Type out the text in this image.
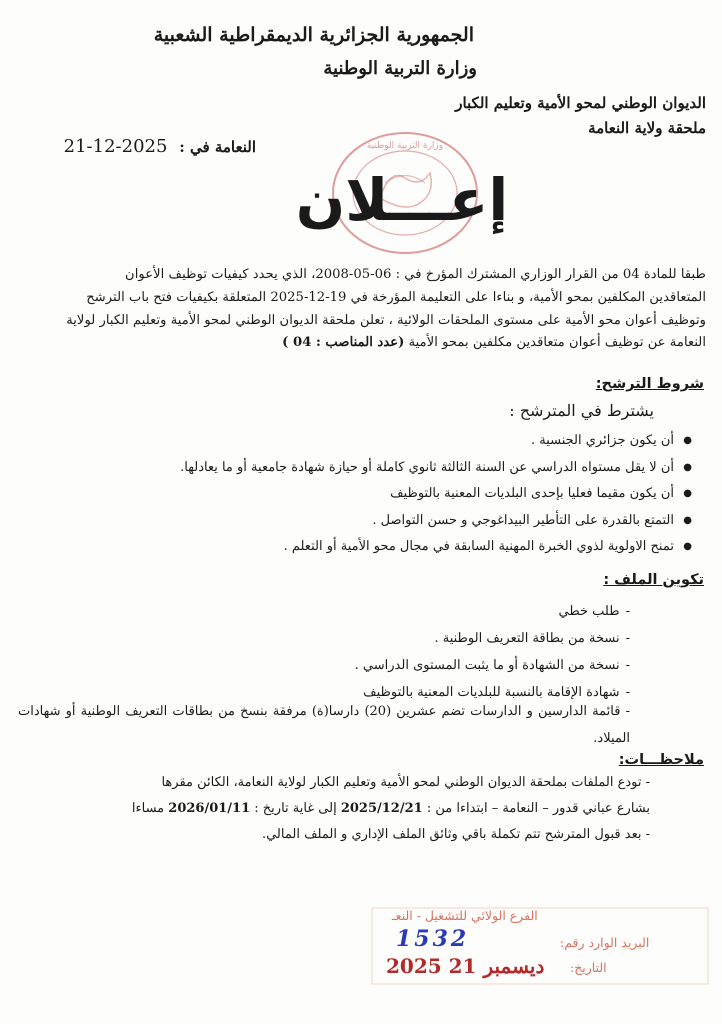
الجمهورية الجزائرية الديمقراطية الشعبية
وزارة التربية الوطنية
الديوان الوطني لمحو الأمية وتعليم الكبار
ملحقة ولاية النعامة
النعامة في : 2025-12-21	وزارة التربية الوطنية
إعـــلان
طبقا للمادة 04 من القرار الوزاري المشترك المؤرخ في : 06-05-2008، الذي يحدد كيفيات توظيف الأعوان
المتعاقدين المكلفين بمحو الأمية، و بناءا على التعليمة المؤرخة في 19-12-2025 المتعلقة بكيفيات فتح باب الترشح
وتوظيف أعوان محو الأمية على مستوى الملحقات الولائية ، تعلن ملحقة الديوان الوطني لمحو الأمية وتعليم الكبار لولاية
النعامة عن توظيف أعوان متعاقدين مكلفين بمحو الأمية (عدد المناصب : 04 )
شروط الترشح:
يشترط في المترشح :
● أن يكون جزائري الجنسية .
● أن لا يقل مستواه الدراسي عن السنة الثالثة ثانوي كاملة أو حيازة شهادة جامعية أو ما يعادلها.
● أن يكون مقيما فعليا بإحدى البلديات المعنية بالتوظيف
● التمتع بالقدرة على التأطير البيداغوجي و حسن التواصل .
● تمنح الاولوية لذوي الخبرة المهنية السابقة في مجال محو الأمية أو التعلم .
تكوين الملف :
-طلب خطي
-نسخة من بطاقة التعريف الوطنية .
-نسخة من الشهادة أو ما يثبت المستوى الدراسي .
-شهادة الإقامة بالنسبة للبلديات المعنية بالتوظيف
- قائمة الدارسين و الدارسات تضم عشرين (20) دارسا(ة) مرفقة بنسخ من بطاقات التعريف الوطنية أو شهادات الميلاد.
ملاحظـــات:

- تودع الملفات بملحقة الديوان الوطني لمحو الأمية وتعليم الكبار لولاية النعامة، الكائن مقرها

بشارع عباني قدور – النعامة – ابتداءا من : 2025/12/21 إلى غاية تاريخ : 2026/01/11 مساءا

- بعد قبول المترشح تتم تكملة باقي وثائق الملف الإداري و الملف المالي.

الفرع الولائي للتشغيل - النعـ
البريد الوارد رقم:
التاريخ:
1532
2025 ديسمبر 21
